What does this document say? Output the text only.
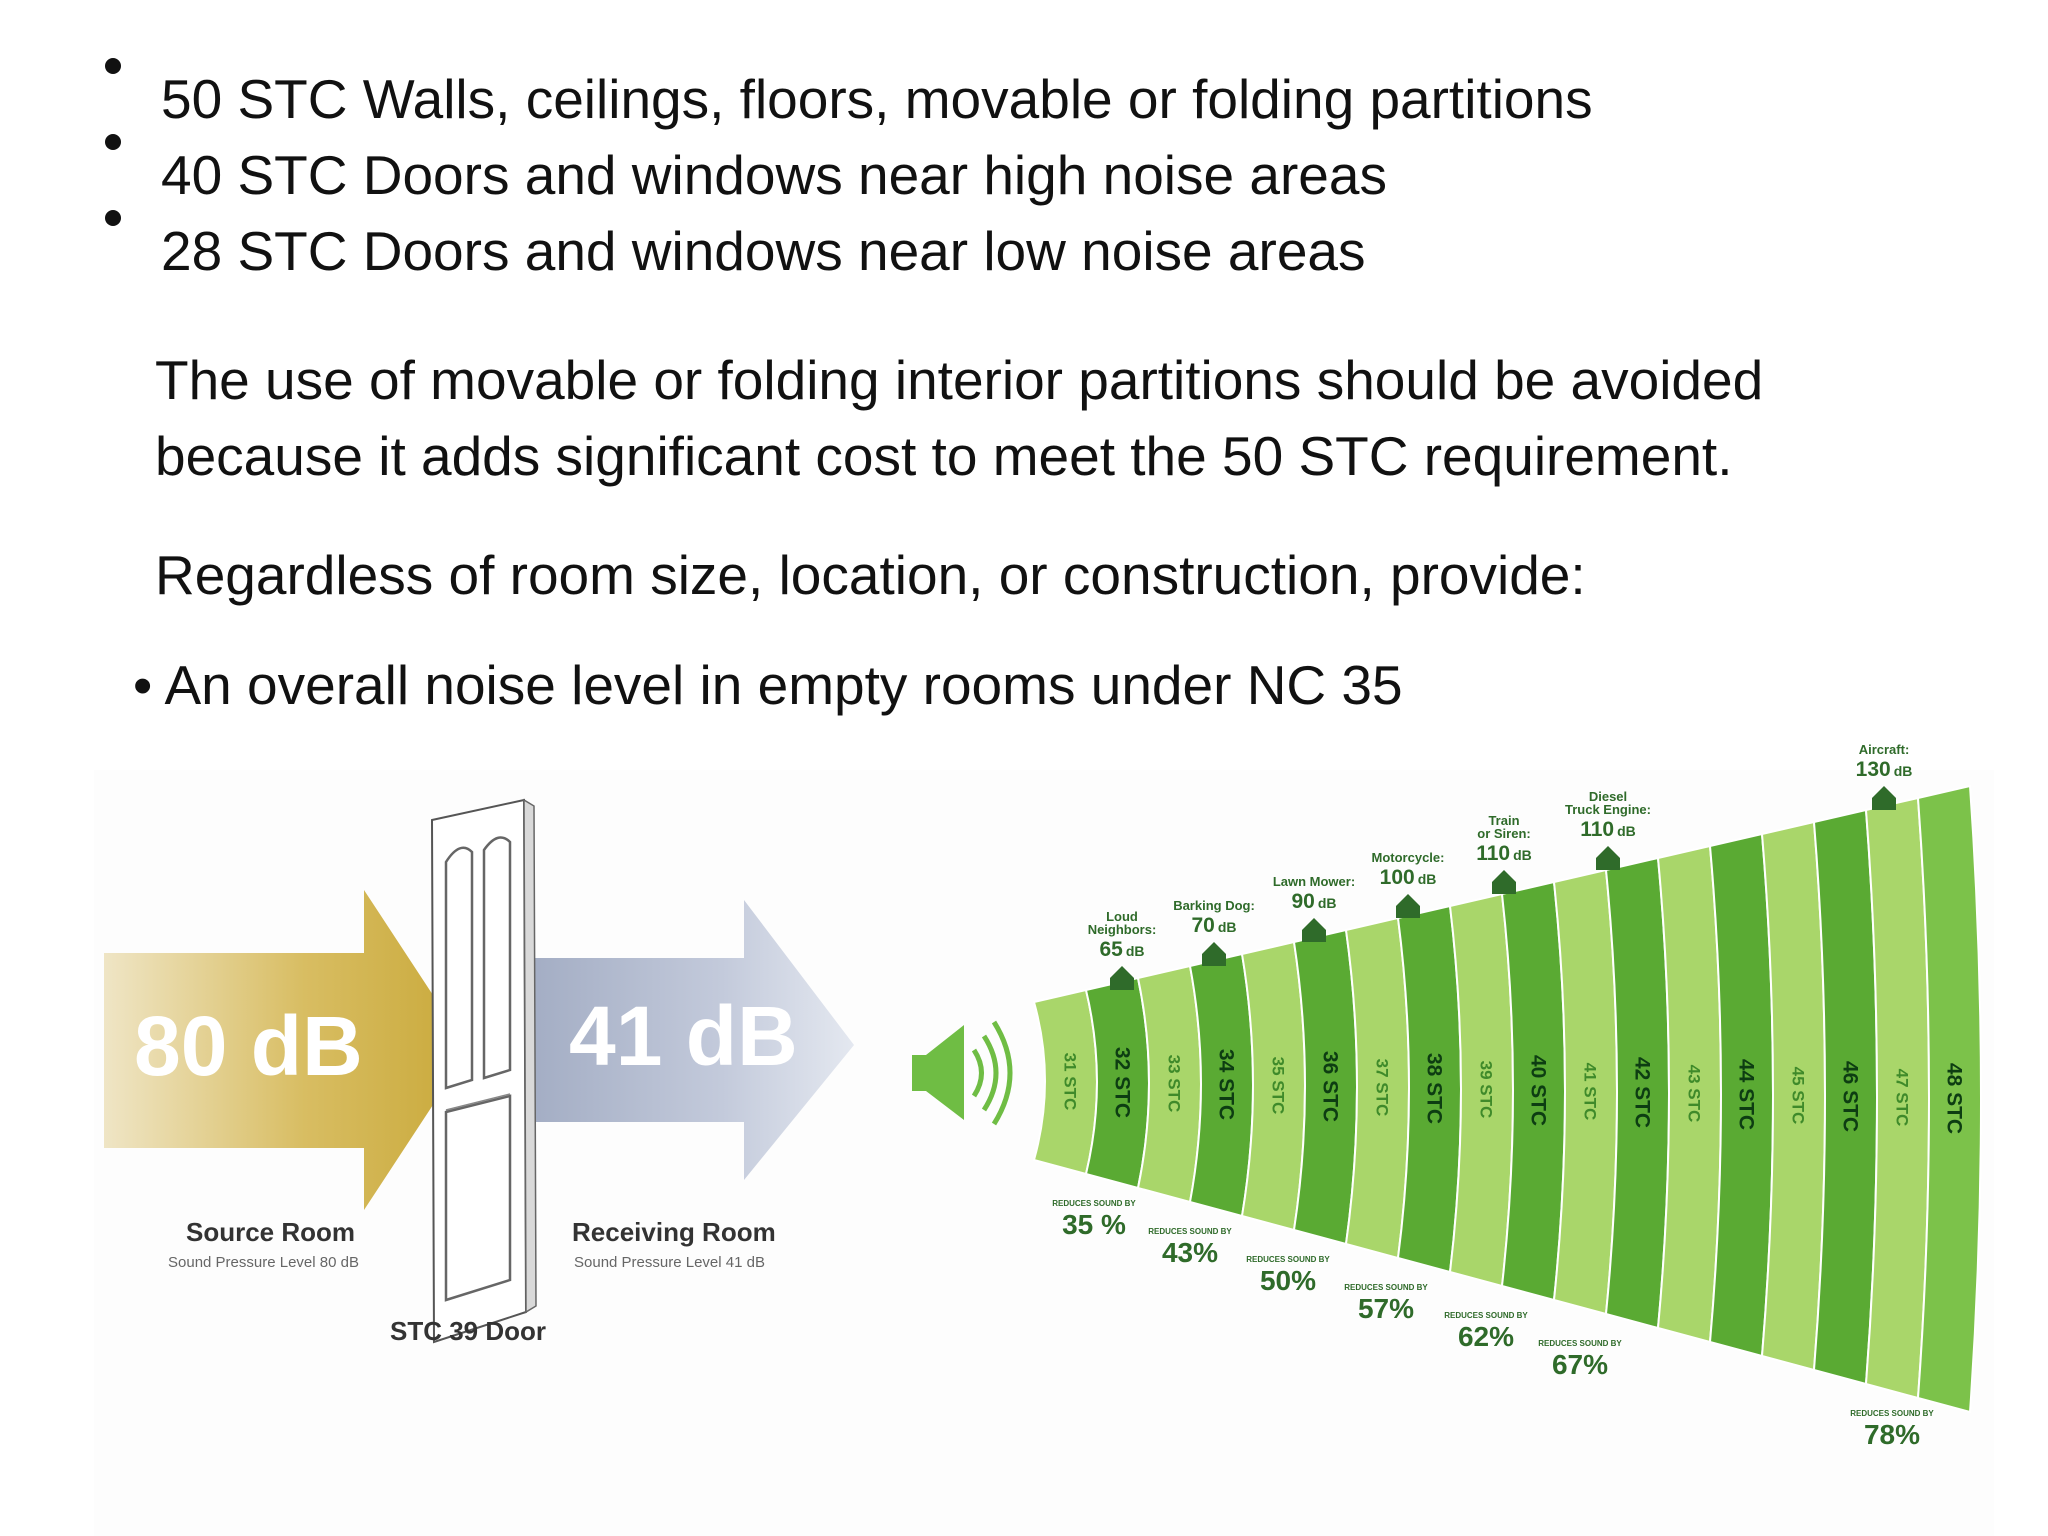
50 STC Walls, ceilings, floors, movable or folding partitions
40 STC Doors and windows near high noise areas
28 STC Doors and windows near low noise areas
The use of movable or folding interior partitions should be avoided
because it adds significant cost to meet the 50 STC requirement.
Regardless of room size, location, or construction, provide:
• An overall noise level in empty rooms under NC 35
80 dB 41 dB
Source Room
Sound Pressure Level 80 dB
Receiving Room
Sound Pressure Level 41 dB
STC 39 Door
31 STC 32 STC 33 STC 34 STC 35 STC 36 STC 37 STC 38 STC 39 STC 40 STC 41 STC 42 STC 43 STC 44 STC 45 STC 46 STC 47 STC 48 STC
Loud
Neighbors:
65 dB
Barking Dog:
70 dB
Lawn Mower:
90 dB
Motorcycle:
100 dB
Train
or Siren:
110 dB
Diesel
Truck Engine:
110 dB
Aircraft:
130 dB
REDUCES SOUND BY
35 %	REDUCES SOUND BY
43%	REDUCES SOUND BY
50%	REDUCES SOUND BY
57%	REDUCES SOUND BY
62%	REDUCES SOUND BY
67%
REDUCES SOUND BY
78%
